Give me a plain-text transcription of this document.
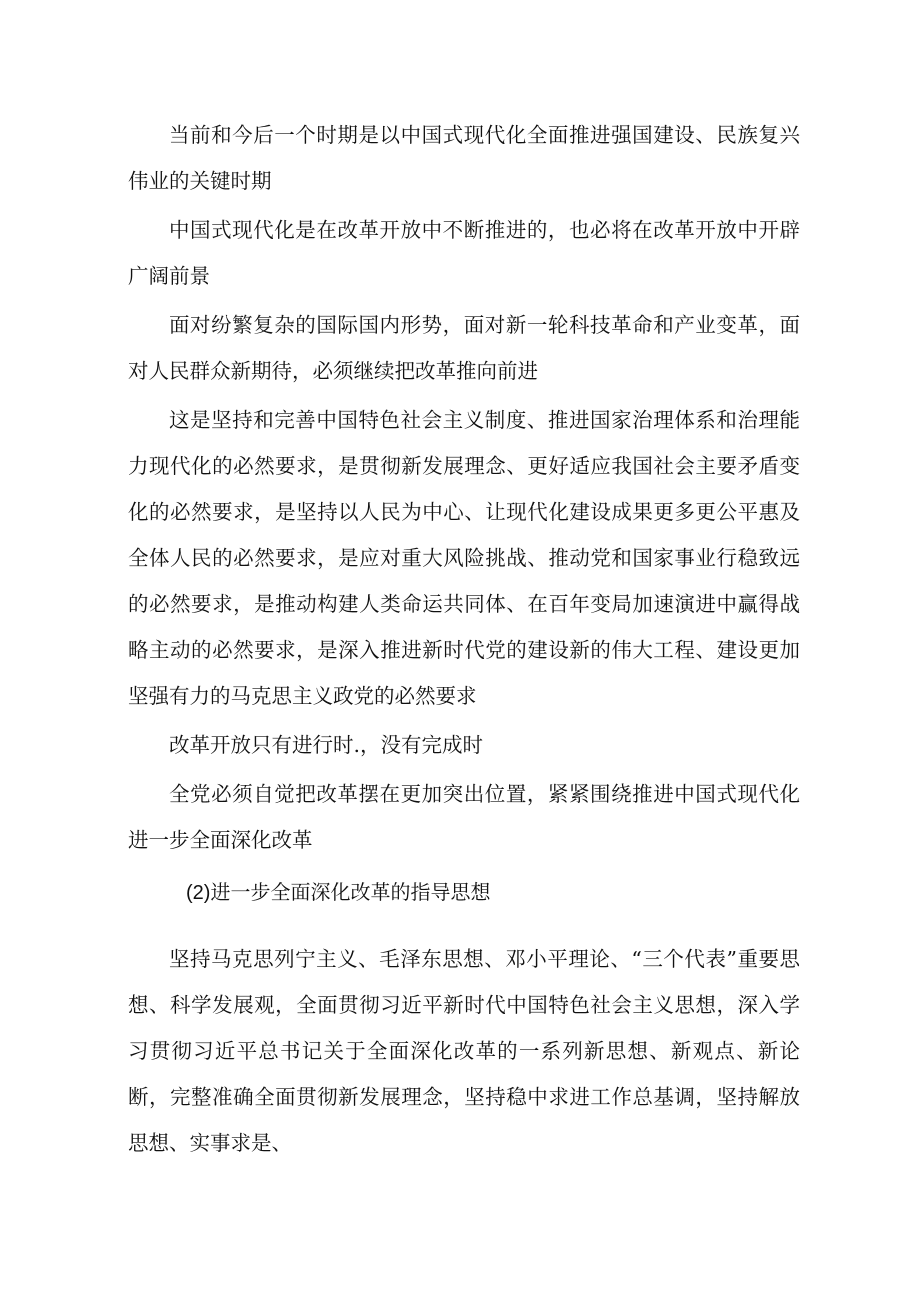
当前和今后一个时期是以中国式现代化全面推进强国建设、民族复兴伟业的关键时期

中国式现代化是在改革开放中不断推进的，也必将在改革开放中开辟广阔前景

面对纷繁复杂的国际国内形势，面对新一轮科技革命和产业变革，面对人民群众新期待，必须继续把改革推向前进

这是坚持和完善中国特色社会主义制度、推进国家治理体系和治理能力现代化的必然要求，是贯彻新发展理念、更好适应我国社会主要矛盾变化的必然要求，是坚持以人民为中心、让现代化建设成果更多更公平惠及全体人民的必然要求，是应对重大风险挑战、推动党和国家事业行稳致远的必然要求，是推动构建人类命运共同体、在百年变局加速演进中赢得战略主动的必然要求，是深入推进新时代党的建设新的伟大工程、建设更加坚强有力的马克思主义政党的必然要求

改革开放只有进行时.，没有完成时

全党必须自觉把改革摆在更加突出位置，紧紧围绕推进中国式现代化进一步全面深化改革

(2)进一步全面深化改革的指导思想

坚持马克思列宁主义、毛泽东思想、邓小平理论、“三个代表”重要思想、科学发展观，全面贯彻习近平新时代中国特色社会主义思想，深入学习贯彻习近平总书记关于全面深化改革的一系列新思想、新观点、新论断，完整准确全面贯彻新发展理念，坚持稳中求进工作总基调，坚持解放思想、实事求是、
